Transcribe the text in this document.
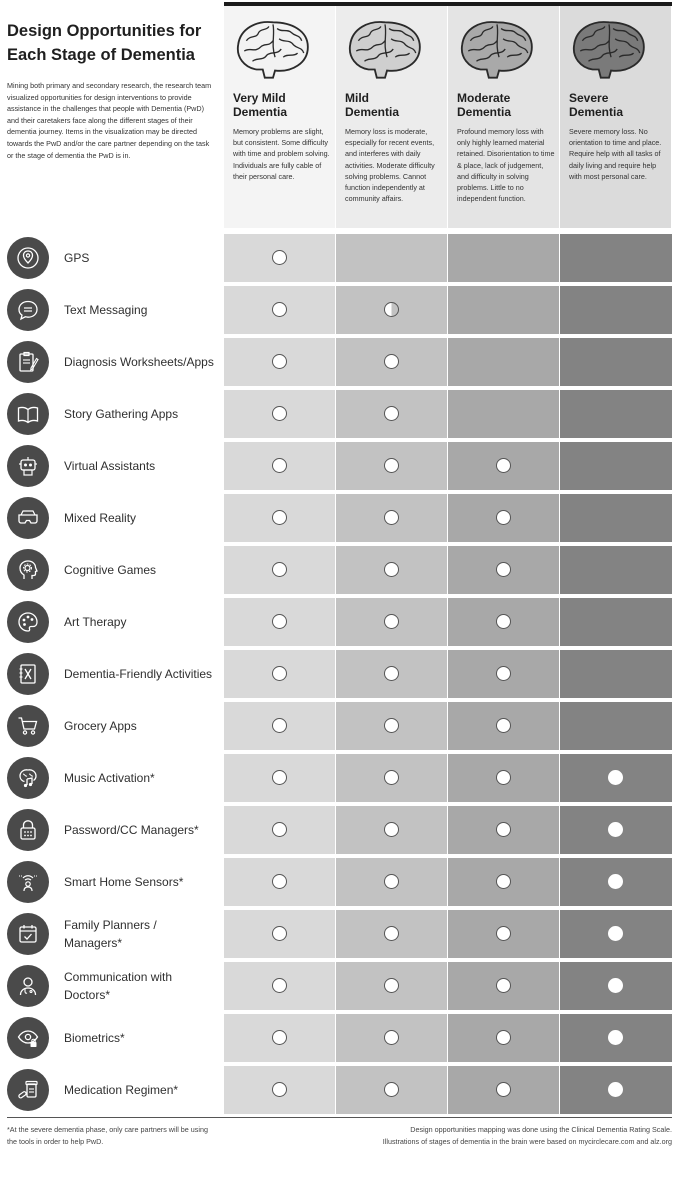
Design Opportunities for Each Stage of Dementia
Mining both primary and secondary research, the research team visualized opportunities for design interventions to provide assistance in the challenges that people with Dementia (PwD) and their caretakers face along the different stages of their dementia journey. Items in the visualization may be directed towards the PwD and/or the care partner depending on the task or the stage of dementia the PwD is in.
Very Mild
Dementia
Memory problems are slight, but consistent. Some difficulty with time and problem solving. Individuals are fully cable of their personal care.
Mild
Dementia
Memory loss is moderate, especially for recent events, and interferes with daily activities. Moderate difficulty solving problems. Cannot function independently at community affairs.
Moderate
Dementia
Profound memory loss with only highly learned material retained. Disorientation to time & place, lack of judgement, and difficulty in solving problems. Little to no independent function.
Severe
Dementia
Severe memory loss. No orientation to time and place. Require help with all tasks of daily living and require help with most personal care.
GPS
Text Messaging
Diagnosis Worksheets/Apps
Story Gathering Apps
Virtual Assistants
Mixed Reality
Cognitive Games
Art Therapy
Dementia-Friendly Activities
Grocery Apps
Music Activation*
Password/CC Managers*
Smart Home Sensors*
Family Planners / Managers*
Communication with Doctors*
Biometrics*
Medication Regimen*
*At the severe dementia phase, only care partners will be using the tools in order to help PwD.
Design opportunities mapping was done using the Clinical Dementia Rating Scale.
Illustrations of stages of dementia in the brain were based on mycirclecare.com and alz.org
